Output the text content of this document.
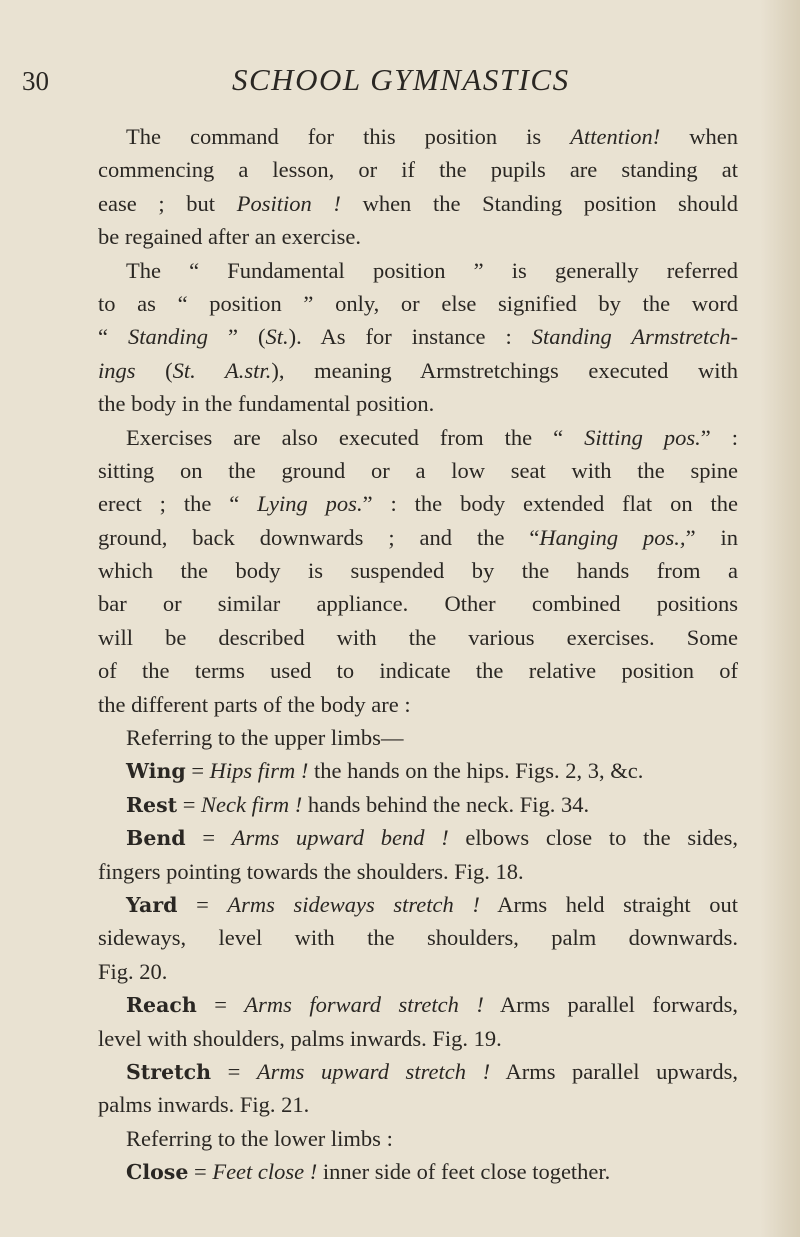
30	SCHOOL GYMNASTICS
The command for this position is Attention! when
commencing a lesson, or if the pupils are standing at
ease ; but Position ! when the Standing position should
be regained after an exercise.
The “ Fundamental position ” is generally referred
to as “ position ” only, or else signified by the word
“ Standing ” (St.). As for instance : Standing Armstretch-
ings (St. A.str.), meaning Armstretchings executed with
the body in the fundamental position.
Exercises are also executed from the “ Sitting pos.” :
sitting on the ground or a low seat with the spine
erect ; the “ Lying pos.” : the body extended flat on the
ground, back downwards ; and the “Hanging pos.,” in
which the body is suspended by the hands from a
bar or similar appliance. Other combined positions
will be described with the various exercises. Some
of the terms used to indicate the relative position of
the different parts of the body are :
Referring to the upper limbs—
Wing = Hips firm ! the hands on the hips. Figs. 2, 3, &c.
Rest = Neck firm ! hands behind the neck. Fig. 34.
Bend = Arms upward bend ! elbows close to the sides,
fingers pointing towards the shoulders. Fig. 18.
Yard = Arms sideways stretch ! Arms held straight out
sideways, level with the shoulders, palm downwards.
Fig. 20.
Reach = Arms forward stretch ! Arms parallel forwards,
level with shoulders, palms inwards. Fig. 19.
Stretch = Arms upward stretch ! Arms parallel upwards,
palms inwards. Fig. 21.
Referring to the lower limbs :
Close = Feet close ! inner side of feet close together.
